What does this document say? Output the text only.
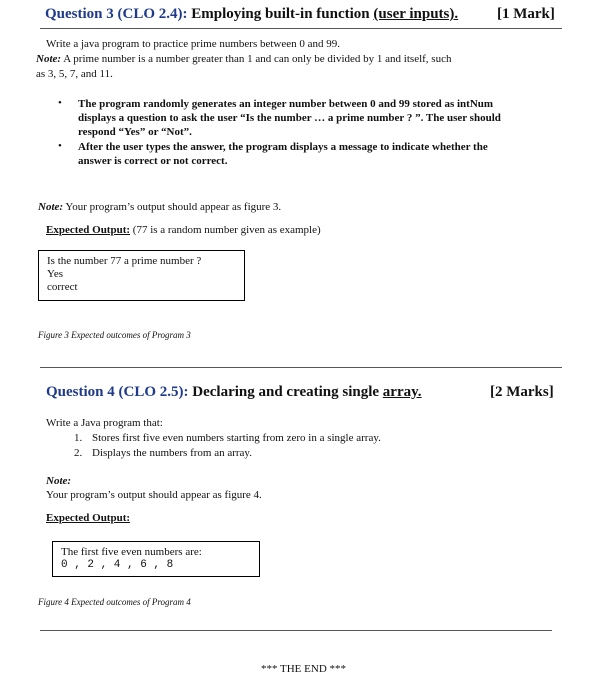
Question 3 (CLO 2.4): Employing built-in function (user inputs).	[1 Mark]
Write a java program to practice prime numbers between 0 and 99.
Note: A prime number is a number greater than 1 and can only be divided by 1 and itself, such
as 3, 5, 7, and 11.
• The program randomly generates an integer number between 0 and 99 stored as intNum
displays a question to ask the user “Is the number … a prime number ? ”. The user should
respond “Yes” or “Not”.
• After the user types the answer, the program displays a message to indicate whether the
answer is correct or not correct.
Note: Your program’s output should appear as figure 3.
Expected Output: (77 is a random number given as example)
Is the number 77 a prime number ?
Yes
correct
Figure 3 Expected outcomes of Program 3
Question 4 (CLO 2.5): Declaring and creating single array.	[2 Marks]
Write a Java program that:
1. Stores first five even numbers starting from zero in a single array.
2. Displays the numbers from an array.
Note:
Your program’s output should appear as figure 4.
Expected Output:
The first five even numbers are:
0 , 2 , 4 , 6 , 8
Figure 4 Expected outcomes of Program 4
*** THE END ***
